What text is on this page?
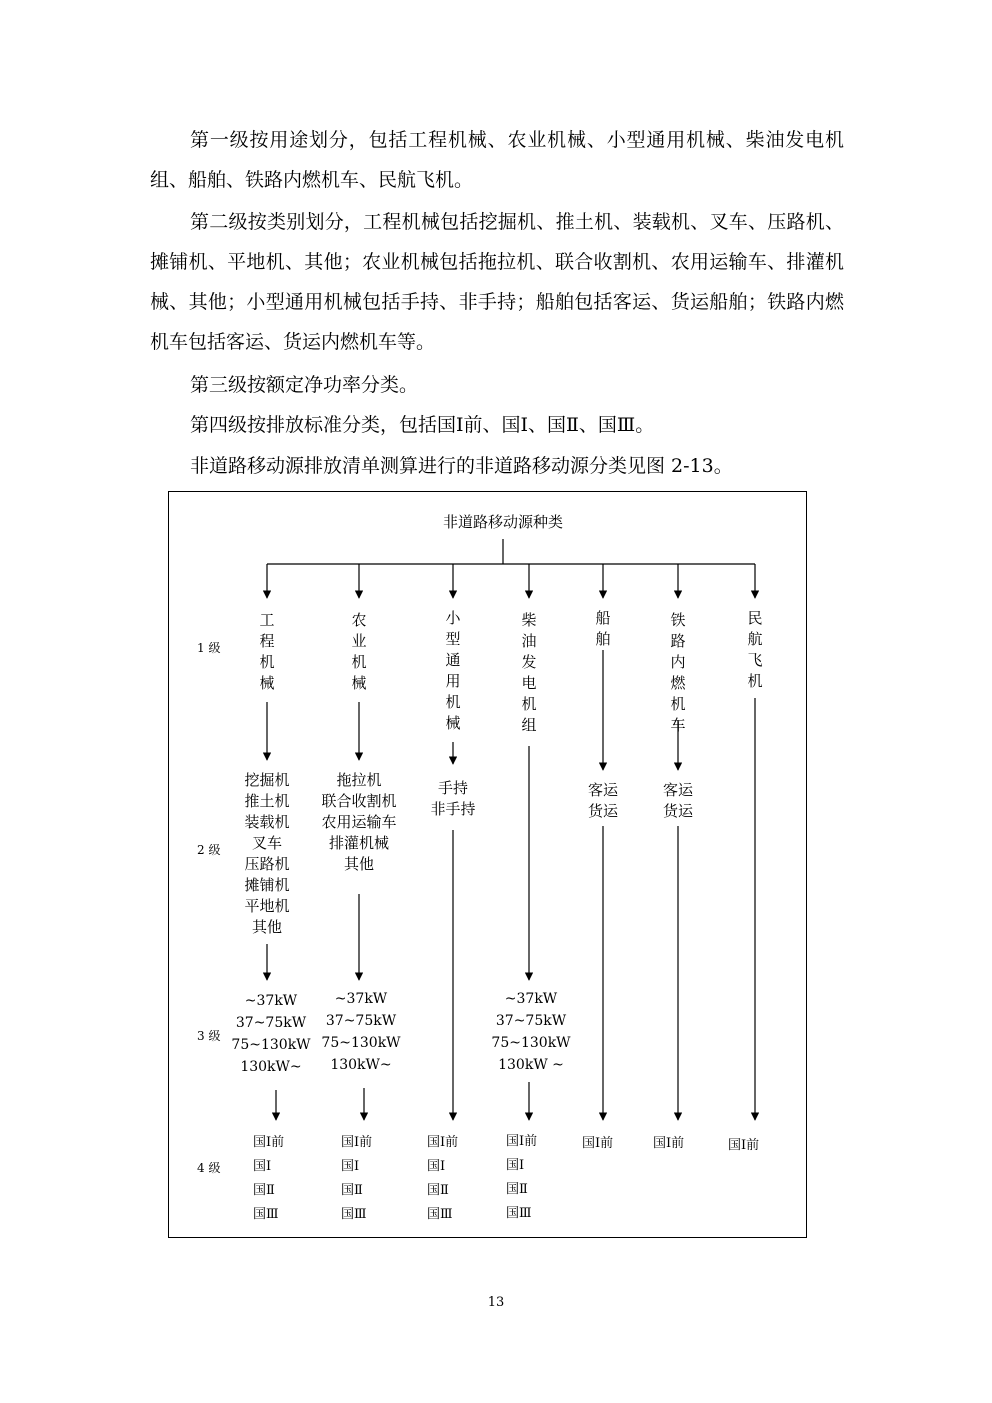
第一级按用途划分，包括工程机械、农业机械、小型通用机械、柴油发电机组、船舶、铁路内燃机车、民航飞机。

第二级按类别划分，工程机械包括挖掘机、推土机、装载机、叉车、压路机、摊铺机、平地机、其他；农业机械包括拖拉机、联合收割机、农用运输车、排灌机械、其他；小型通用机械包括手持、非手持；船舶包括客运、货运船舶；铁路内燃机车包括客运、货运内燃机车等。

第三级按额定净功率分类。

第四级按排放标准分类，包括国Ⅰ前、国Ⅰ、国Ⅱ、国Ⅲ。

非道路移动源排放清单测算进行的非道路移动源分类见图 2-13。

非道路移动源种类
1 级
2 级
3 级
4 级
工
程
机
械
农
业
机
械
小
型
通
用
机
械
柴
油
发
电
机
组
船
舶
铁
路
内
燃
机
车
民
航
飞
机
挖掘机
推土机
装载机
叉车
压路机
摊铺机
平地机
其他
拖拉机
联合收割机
农用运输车
排灌机械
其他
手持
非手持
客运
货运
客运
货运
~37kW
37~75kW
75~130kW
130kW~
~37kW
37~75kW
75~130kW
130kW~
~37kW
37~75kW
75~130kW
130kW ~
国Ⅰ前
国Ⅰ
国Ⅱ
国Ⅲ
国Ⅰ前
国Ⅰ
国Ⅱ
国Ⅲ
国Ⅰ前
国Ⅰ
国Ⅱ
国Ⅲ
国Ⅰ前
国Ⅰ
国Ⅱ
国Ⅲ
国Ⅰ前	国Ⅰ前	国Ⅰ前
13
